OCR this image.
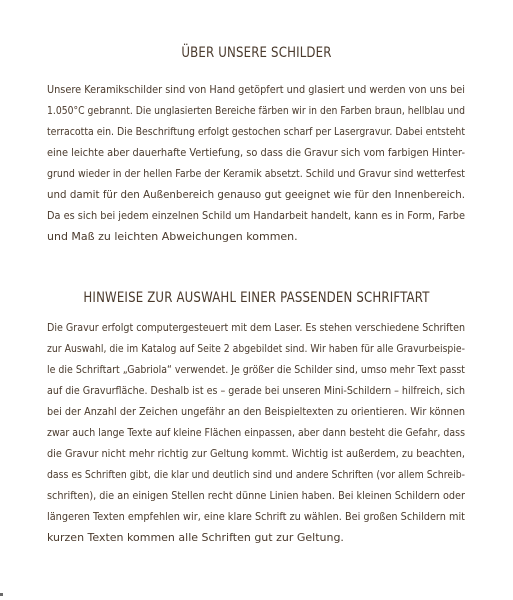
ÜBER UNSERE SCHILDER
Unsere Keramikschilder sind von Hand getöpfert und glasiert und werden von uns bei
1.050°C gebrannt. Die unglasierten Bereiche färben wir in den Farben braun, hellblau und
terracotta ein. Die Beschriftung erfolgt gestochen scharf per Lasergravur. Dabei entsteht
eine leichte aber dauerhafte Vertiefung, so dass die Gravur sich vom farbigen Hinter-
grund wieder in der hellen Farbe der Keramik absetzt. Schild und Gravur sind wetterfest
und damit für den Außenbereich genauso gut geeignet wie für den Innenbereich.
Da es sich bei jedem einzelnen Schild um Handarbeit handelt, kann es in Form, Farbe
und Maß zu leichten Abweichungen kommen.
HINWEISE ZUR AUSWAHL EINER PASSENDEN SCHRIFTART
Die Gravur erfolgt computergesteuert mit dem Laser. Es stehen verschiedene Schriften
zur Auswahl, die im Katalog auf Seite 2 abgebildet sind. Wir haben für alle Gravurbeispie-
le die Schriftart „Gabriola“ verwendet. Je größer die Schilder sind, umso mehr Text passt
auf die Gravurfläche. Deshalb ist es – gerade bei unseren Mini-Schildern – hilfreich, sich
bei der Anzahl der Zeichen ungefähr an den Beispieltexten zu orientieren. Wir können
zwar auch lange Texte auf kleine Flächen einpassen, aber dann besteht die Gefahr, dass
die Gravur nicht mehr richtig zur Geltung kommt. Wichtig ist außerdem, zu beachten,
dass es Schriften gibt, die klar und deutlich sind und andere Schriften (vor allem Schreib-
schriften), die an einigen Stellen recht dünne Linien haben. Bei kleinen Schildern oder
längeren Texten empfehlen wir, eine klare Schrift zu wählen. Bei großen Schildern mit
kurzen Texten kommen alle Schriften gut zur Geltung.
